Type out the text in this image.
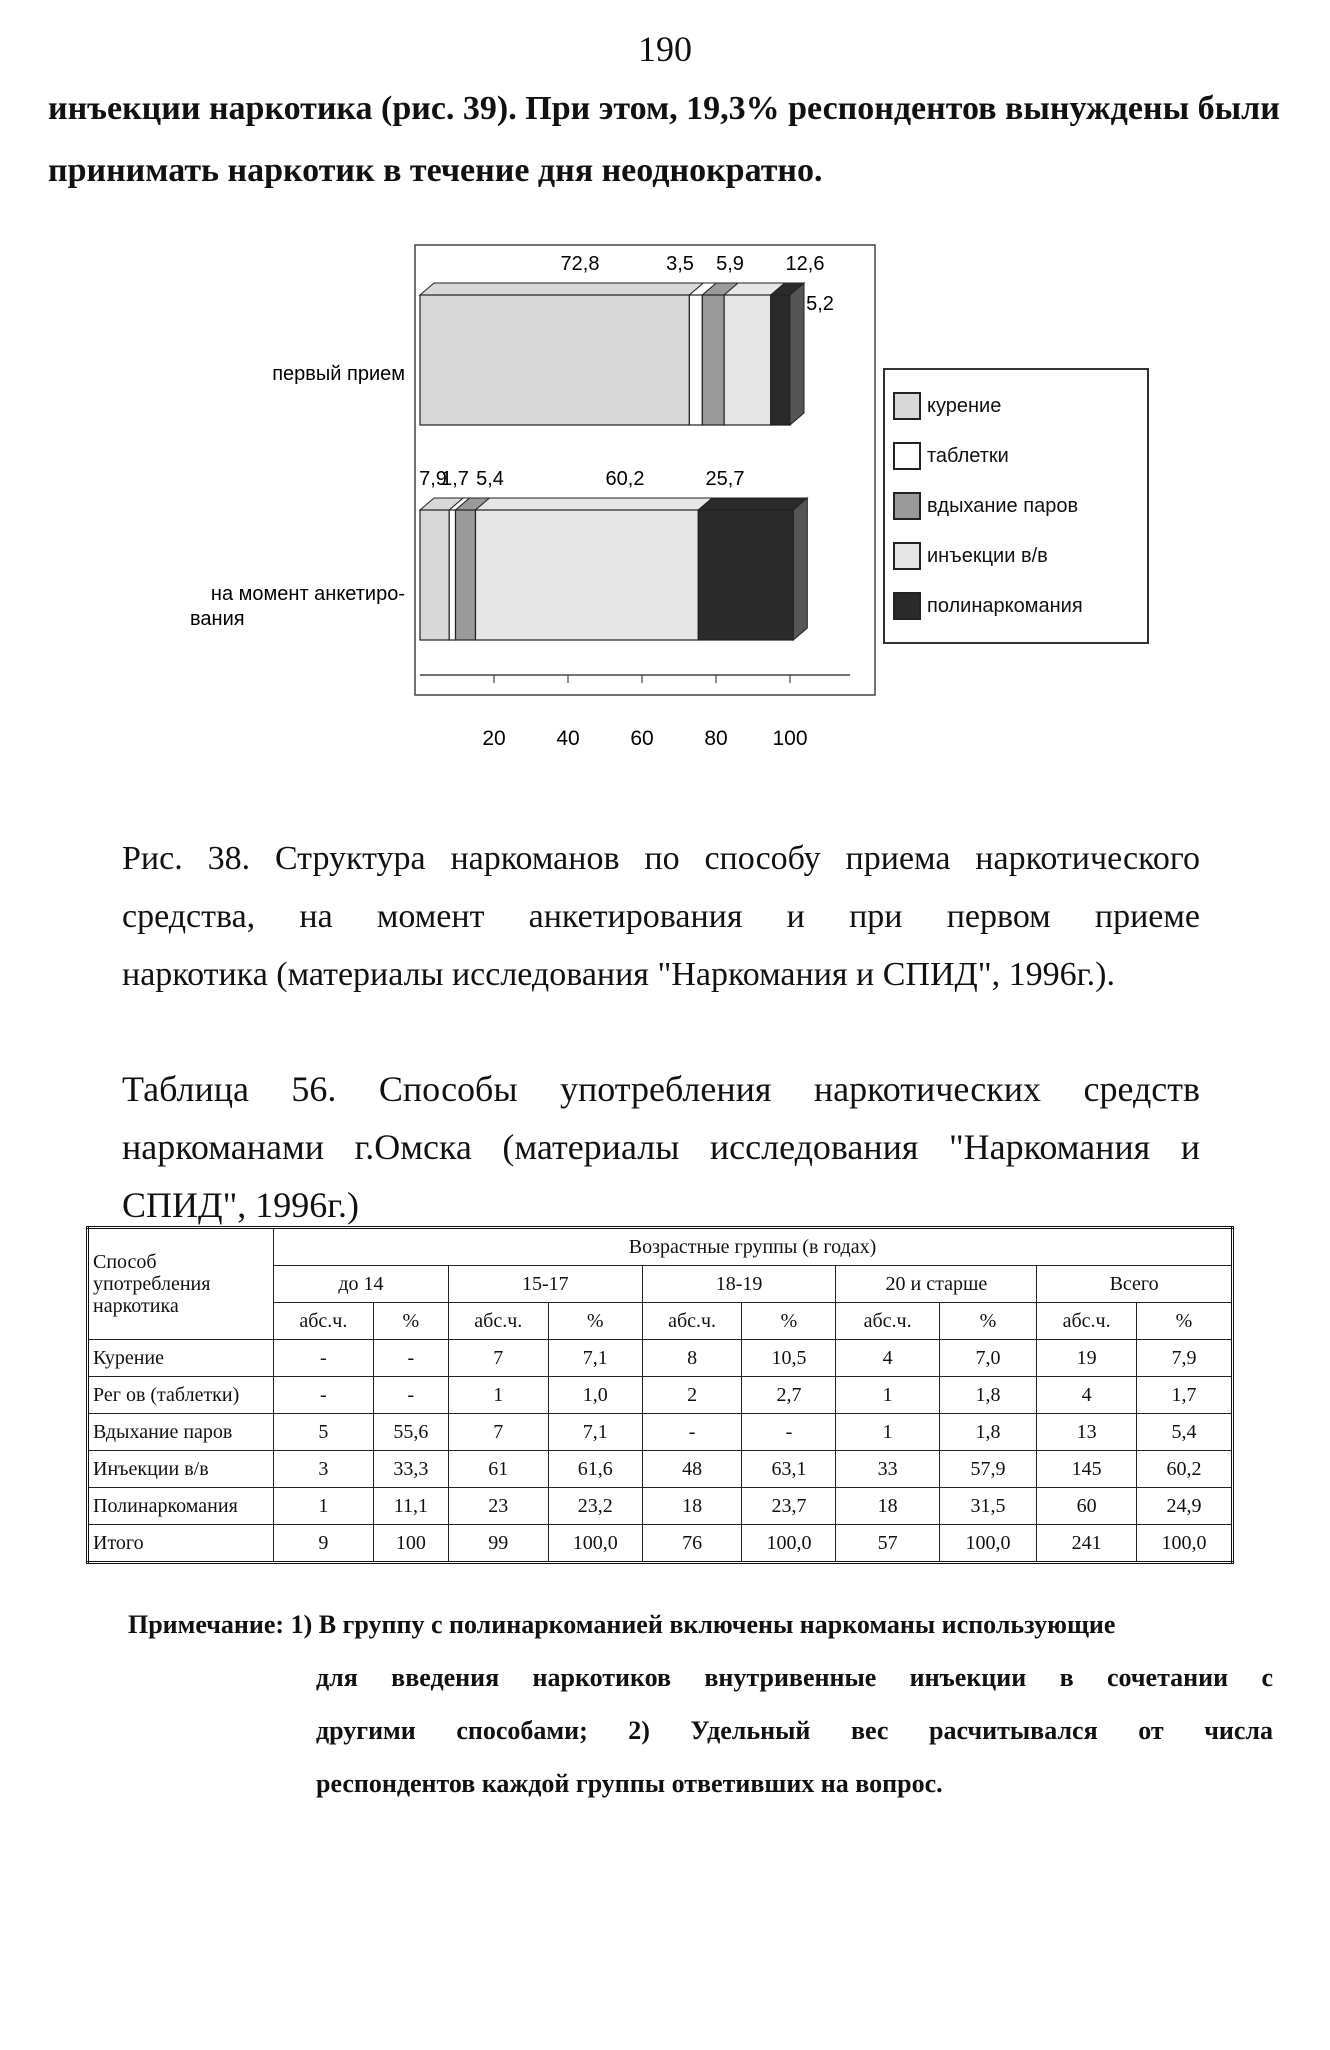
190
инъекции наркотика (рис. 39). При этом, 19,3% респондентов вынуждены были
принимать наркотик в течение дня неоднократно.
первый прием
на момент анкетиро-
вания
72,8	3,5 5,9 12,6
5,2
7,9
1,7 5,4	60,2	25,7
20 40 60 80 100
курение
таблетки
вдыхание паров
инъекции в/в
полинаркомания
Рис. 38. Структура наркоманов по способу приема наркотического
средства, на момент анкетирования и при первом приеме
наркотика (материалы исследования "Наркомания и СПИД", 1996г.).
Таблица 56. Способы употребления наркотических средств
наркоманами г.Омска (материалы исследования "Наркомания и
СПИД", 1996г.)
Способ употребления наркотика	Возрастные группы (в годах)									
	до 14		15-17		18-19		20 и старше		Всего	
	абс.ч.	%	абс.ч.	%	абс.ч.	%	абс.ч.	%	абс.ч.	%
Курение	-	-	7	7,1	8	10,5	4	7,0	19	7,9
Рег ов (таблетки)	-	-	1	1,0	2	2,7	1	1,8	4	1,7
Вдыхание паров	5	55,6	7	7,1	-	-	1	1,8	13	5,4
Инъекции в/в	3	33,3	61	61,6	48	63,1	33	57,9	145	60,2
Полинаркомания	1	11,1	23	23,2	18	23,7	18	31,5	60	24,9
Итого	9	100	99	100,0	76	100,0	57	100,0	241	100,0
Примечание: 1) В группу с полинаркоманией включены наркоманы использующие
для введения наркотиков внутривенные инъекции в сочетании с
другими способами; 2) Удельный вес расчитывался от числа
респондентов каждой группы ответивших на вопрос.
